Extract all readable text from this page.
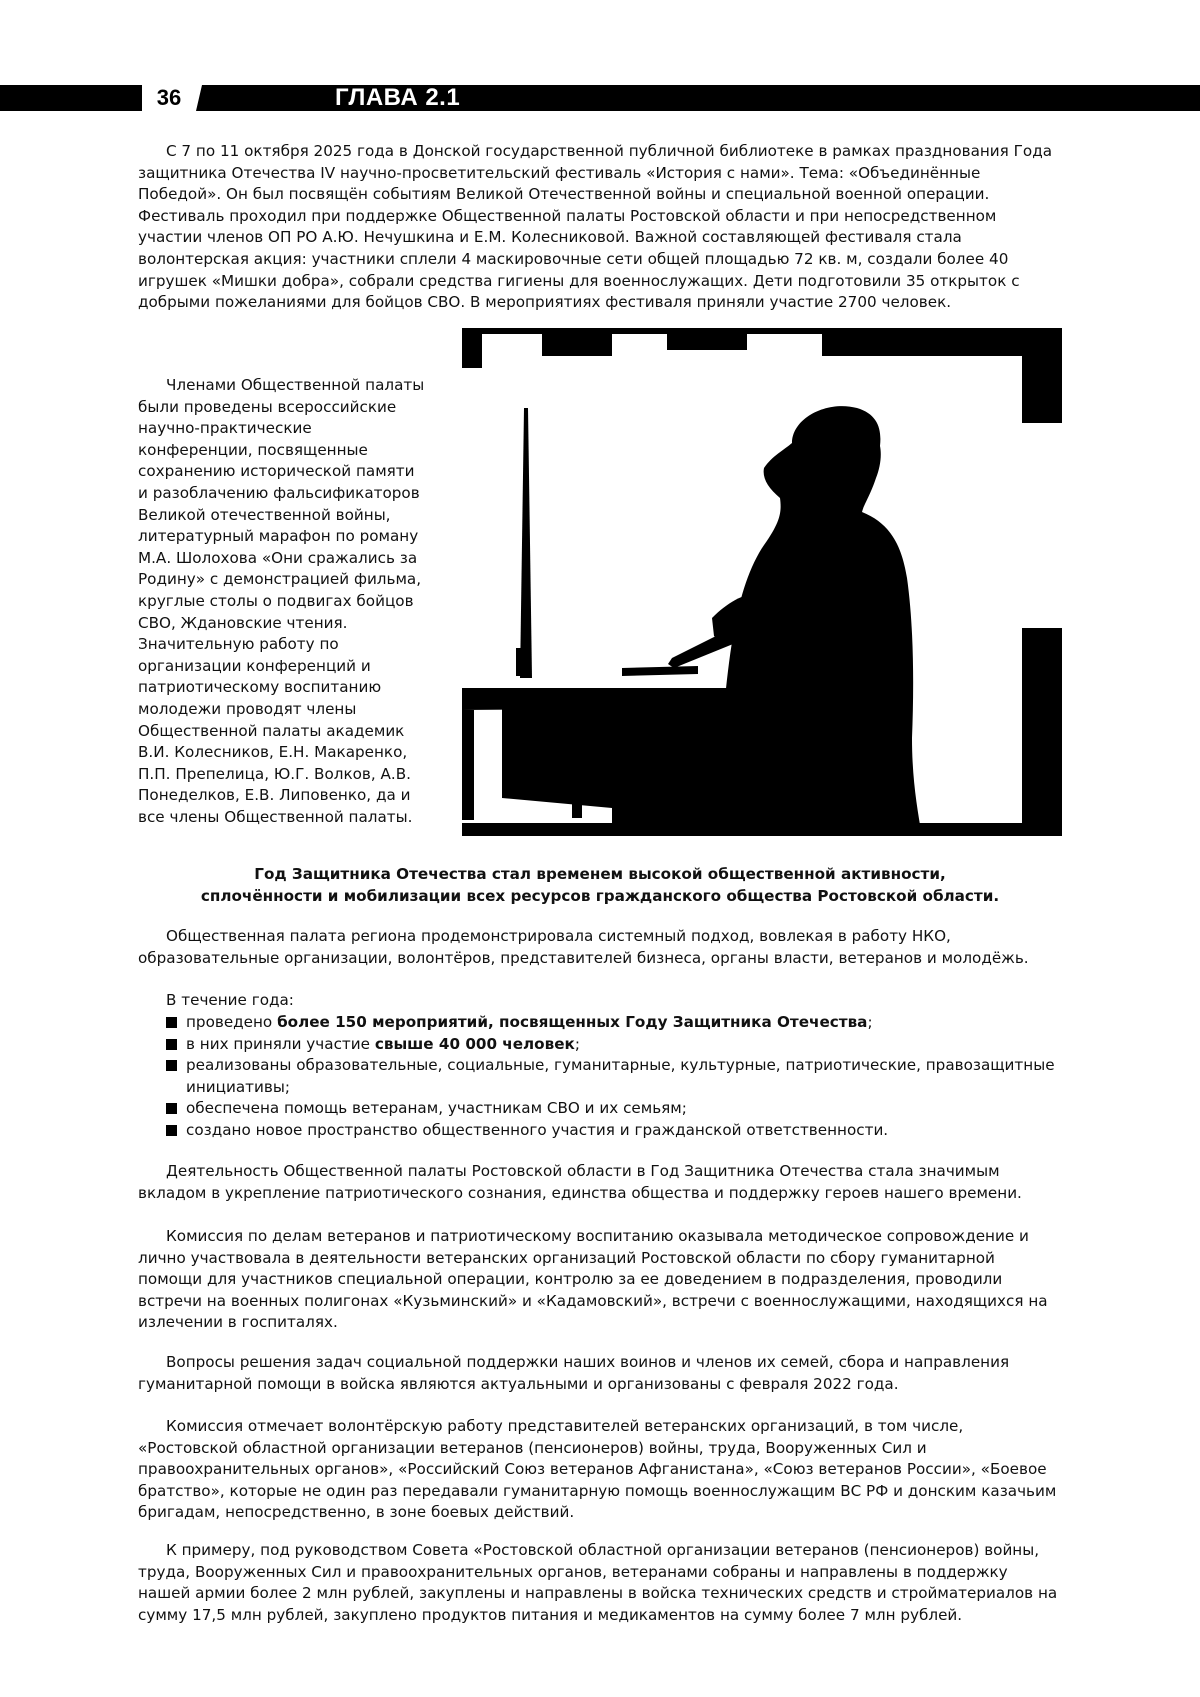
36	ГЛАВА 2.1

С 7 по 11 октября 2025 года в Донской государственной публичной библиотеке в рамках празднования Года защитника Отечества IV научно-просветительский фестиваль «История с нами». Тема: «Объединённые Победой». Он был посвящён событиям Великой Отечественной войны и специальной военной операции. Фестиваль проходил при поддержке Общественной палаты Ростовской области и при непосредственном участии членов ОП РО А.Ю. Нечушкина и Е.М. Колесниковой. Важной составляющей фестиваля стала волонтерская акция: участники сплели 4 маскировочные сети общей площадью 72 кв. м, создали более 40 игрушек «Мишки добра», собрали средства гигиены для военнослужащих. Дети подготовили 35 открыток с добрыми пожеланиями для бойцов СВО. В мероприятиях фестиваля приняли участие 2700 человек.

Членами Общественной палаты были проведены всероссийские научно-практические конференции, посвященные сохранению исторической памяти и разоблачению фальсификаторов Великой отечественной войны, литературный марафон по роману М.А. Шолохова «Они сражались за Родину» с демонстрацией фильма, круглые столы о подвигах бойцов СВО, Ждановские чтения. Значительную работу по организации конференций и патриотическому воспитанию молодежи проводят члены Общественной палаты академик В.И. Колесников, Е.Н. Макаренко, П.П. Препелица, Ю.Г. Волков, А.В. Понеделков, Е.В. Липовенко, да и все члены Общественной палаты.

Год Защитника Отечества стал временем высокой общественной активности,
сплочённости и мобилизации всех ресурсов гражданского общества Ростовской области.

Общественная палата региона продемонстрировала системный подход, вовлекая в работу НКО, образовательные организации, волонтёров, представителей бизнеса, органы власти, ветеранов и молодёжь.

В течение года:

проведено более 150 мероприятий, посвященных Году Защитника Отечества;
в них приняли участие свыше 40 000 человек;
реализованы образовательные, социальные, гуманитарные, культурные, патриотические, правозащитные инициативы;
обеспечена помощь ветеранам, участникам СВО и их семьям;
создано новое пространство общественного участия и гражданской ответственности.

Деятельность Общественной палаты Ростовской области в Год Защитника Отечества стала значимым вкладом в укрепление патриотического сознания, единства общества и поддержку героев нашего времени.

Комиссия по делам ветеранов и патриотическому воспитанию оказывала методическое сопровождение и лично участвовала в деятельности ветеранских организаций Ростовской области по сбору гуманитарной помощи для участников специальной операции, контролю за ее доведением в подразделения, проводили встречи на военных полигонах «Кузьминский» и «Кадамовский», встречи с военнослужащими, находящихся на излечении в госпиталях.

Вопросы решения задач социальной поддержки наших воинов и членов их семей, сбора и направления гуманитарной помощи в войска являются актуальными и организованы с февраля 2022 года.

Комиссия отмечает волонтёрскую работу представителей ветеранских организаций, в том числе, «Ростовской областной организации ветеранов (пенсионеров) войны, труда, Вооруженных Сил и правоохранительных органов», «Российский Союз ветеранов Афганистана», «Союз ветеранов России», «Боевое братство», которые не один раз передавали гуманитарную помощь военнослужащим ВС РФ и донским казачьим бригадам, непосредственно, в зоне боевых действий.

К примеру, под руководством Совета «Ростовской областной организации ветеранов (пенсионеров) войны, труда, Вооруженных Сил и правоохранительных органов, ветеранами собраны и направлены в поддержку нашей армии более 2 млн рублей, закуплены и направлены в войска технических средств и стройматериалов на сумму 17,5 млн рублей, закуплено продуктов питания и медикаментов на сумму более 7 млн рублей.
